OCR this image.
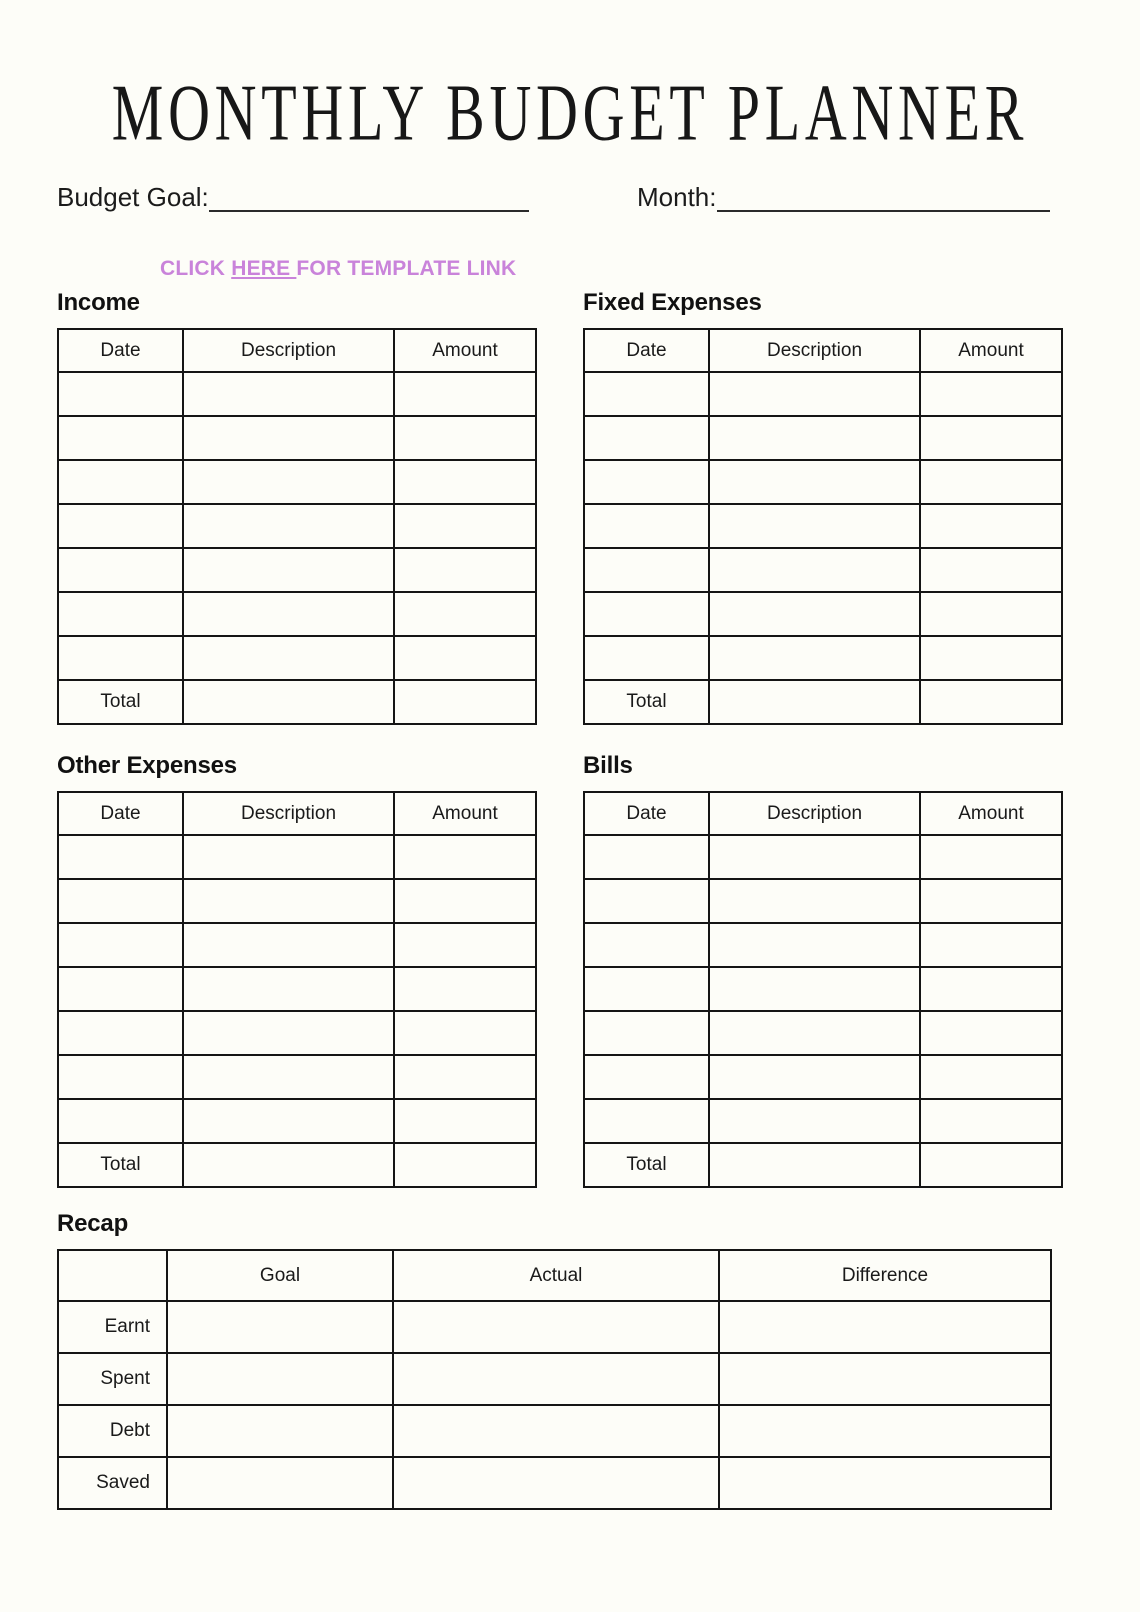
MONTHLY BUDGET PLANNER
Budget Goal:	Month:
CLICK HERE FOR TEMPLATE LINK
Income
Date	Description	Amount

Total		
Fixed Expenses
Date	Description	Amount

Total		
Other Expenses
Date	Description	Amount

Total		
Bills
Date	Description	Amount

Total		
Recap
	Goal	Actual	Difference
Earnt			
Spent			
Debt			
Saved			
